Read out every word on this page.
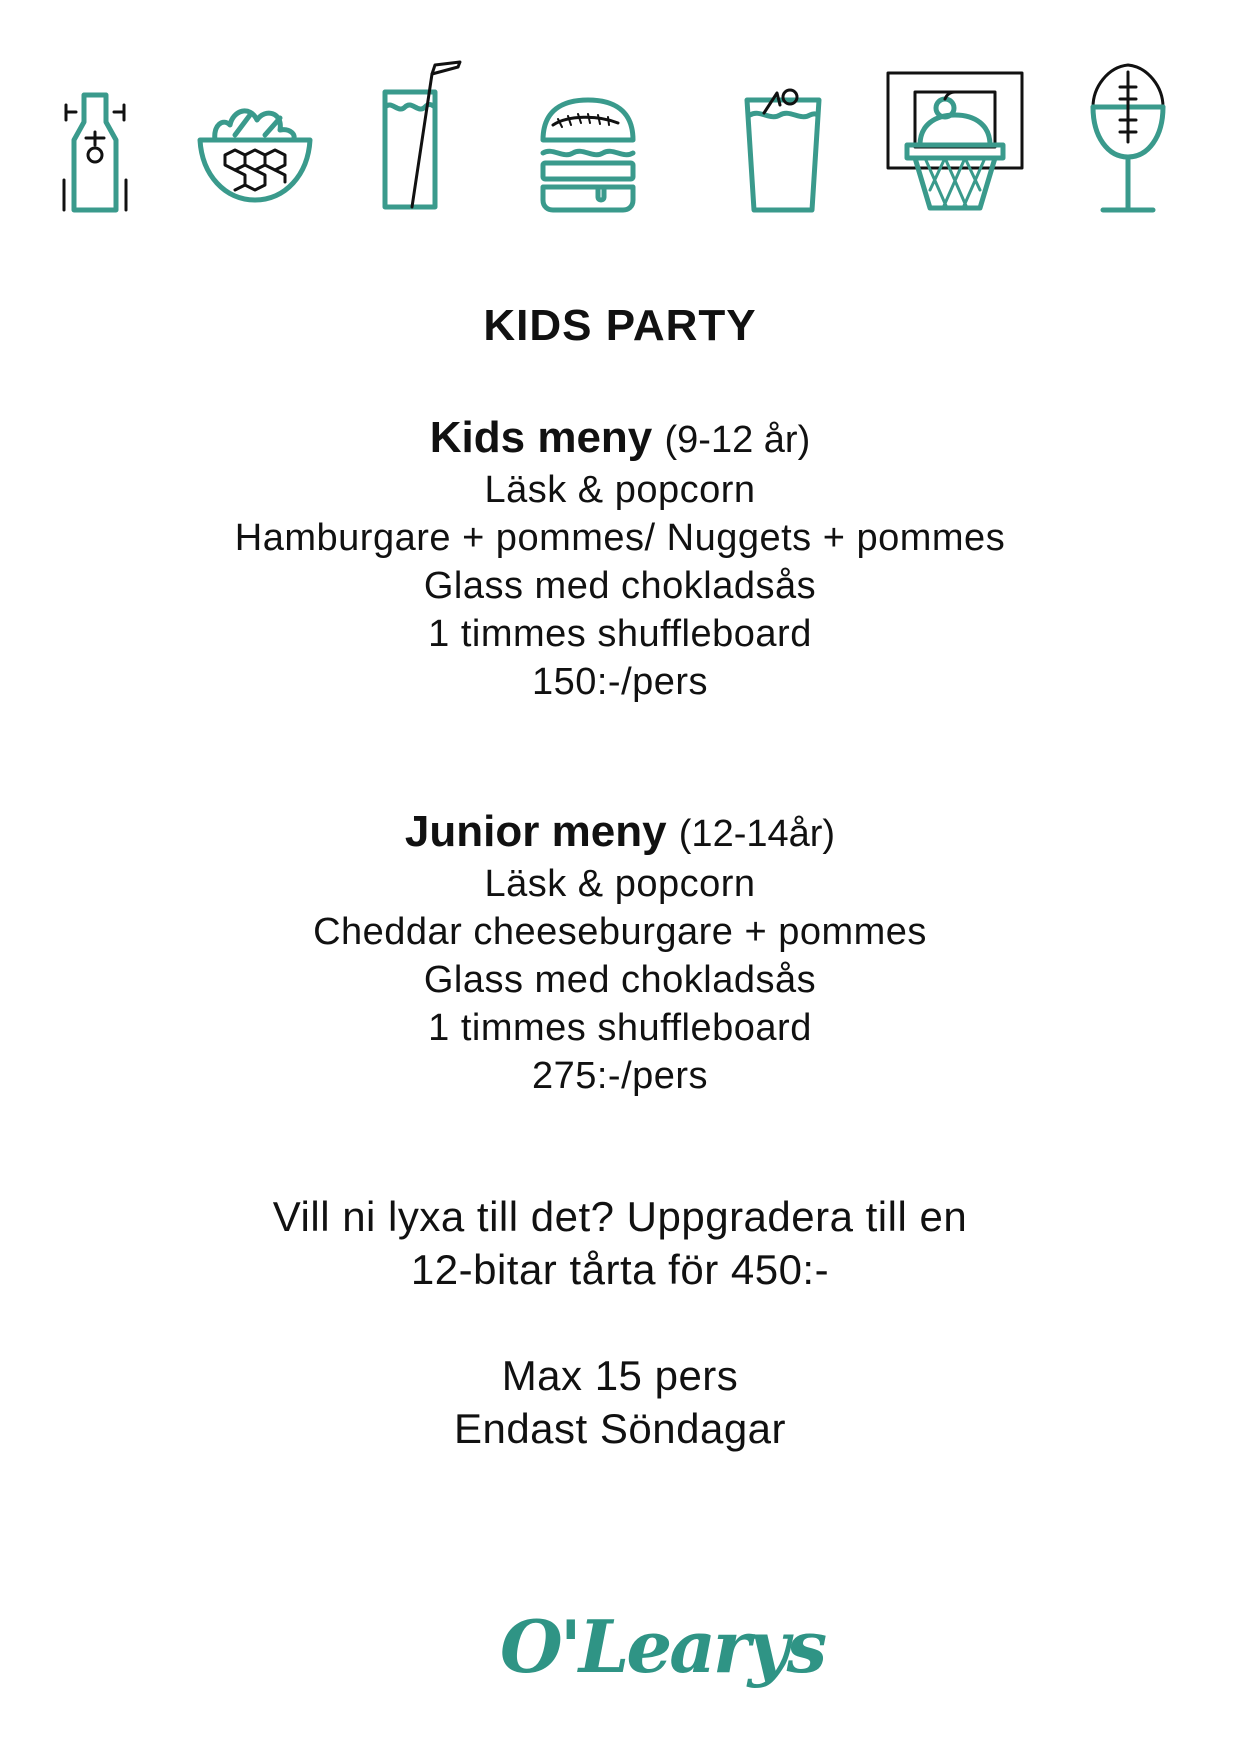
KIDS PARTY

Kids meny (9-12 år)

Läsk & popcorn

Hamburgare + pommes/ Nuggets + pommes

Glass med chokladsås

1 timmes shuffleboard

150:-/pers

Junior meny (12-14år)

Läsk & popcorn

Cheddar cheeseburgare + pommes

Glass med chokladsås

1 timmes shuffleboard

275:-/pers

Vill ni lyxa till det? Uppgradera till en

12-bitar tårta för 450:-

Max 15 pers

Endast Söndagar

O'Learys
